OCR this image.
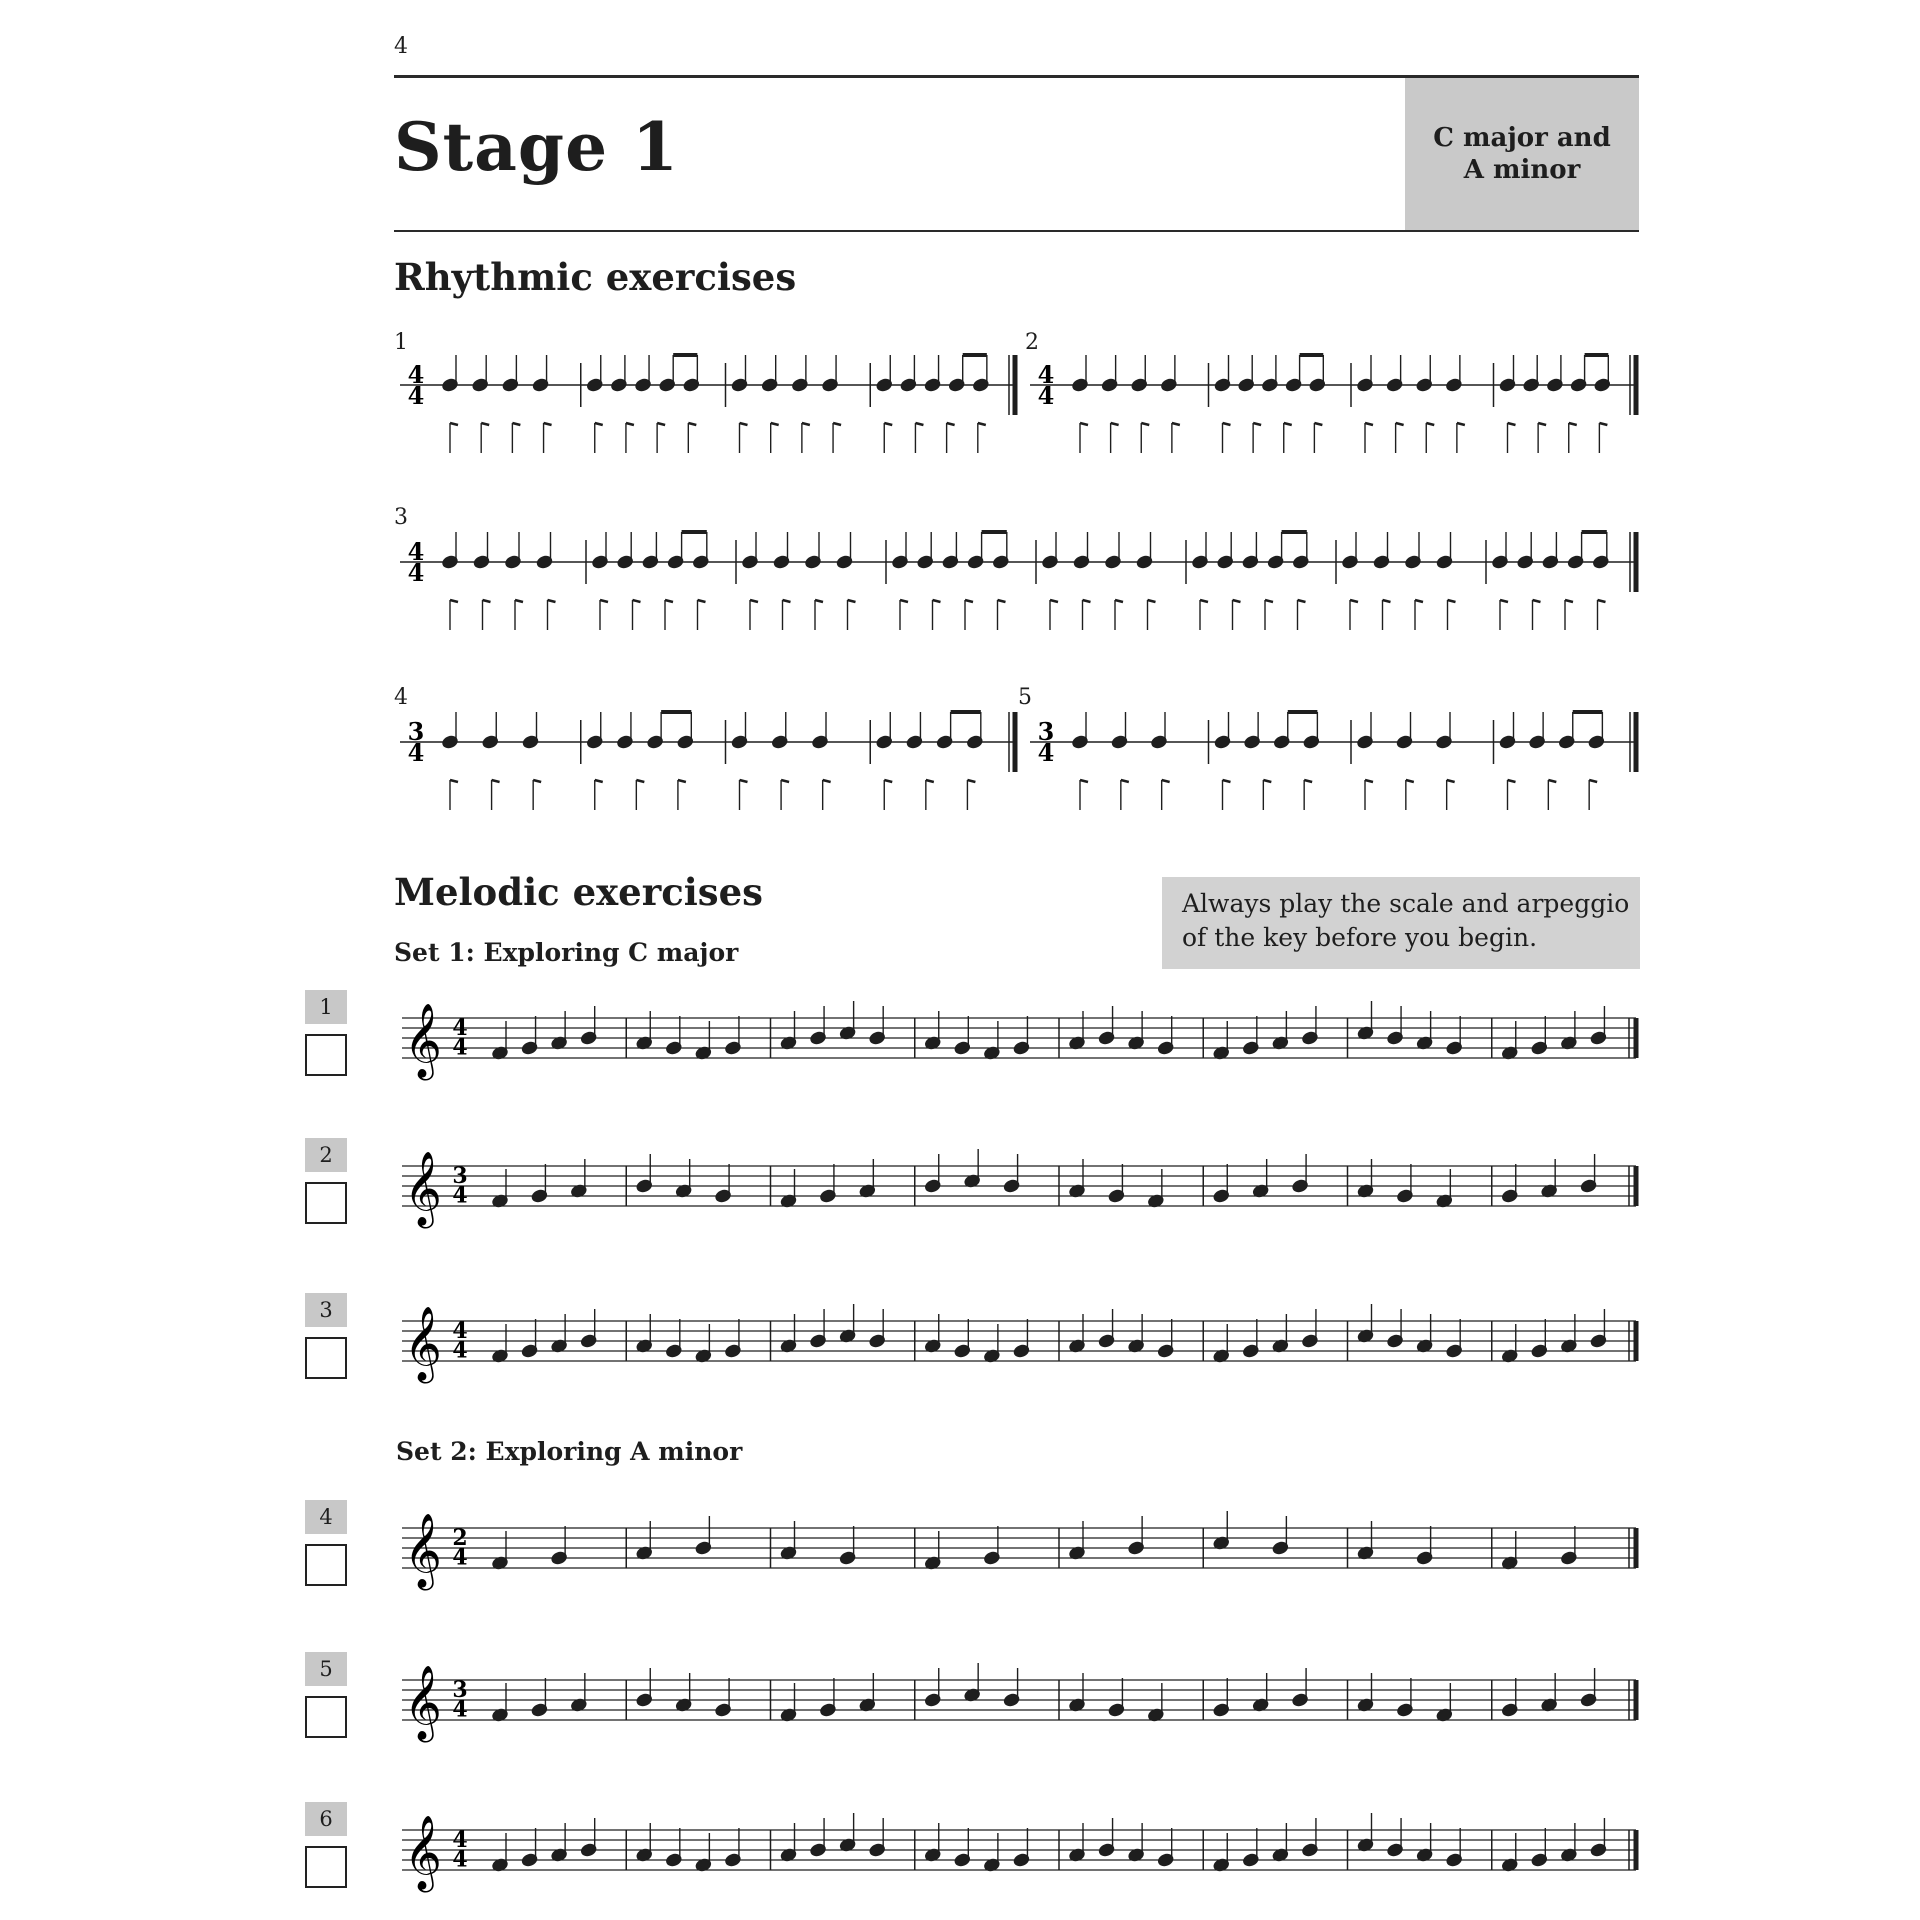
4
Stage 1	C major and
A minor
Rhythmic exercises
1	2
3
4	5
Melodic exercises	Always play the scale and arpeggio
of the key before you begin.
Set 1: Exploring C major
Set 2: Exploring A minor
1
2
3
4
5
6
4
4
4
4
4
4
3
4
3
4
𝄞 4
4
𝄞 3
4
𝄞 4
4
𝄞 2
4
𝄞 3
4
𝄞 4
4
